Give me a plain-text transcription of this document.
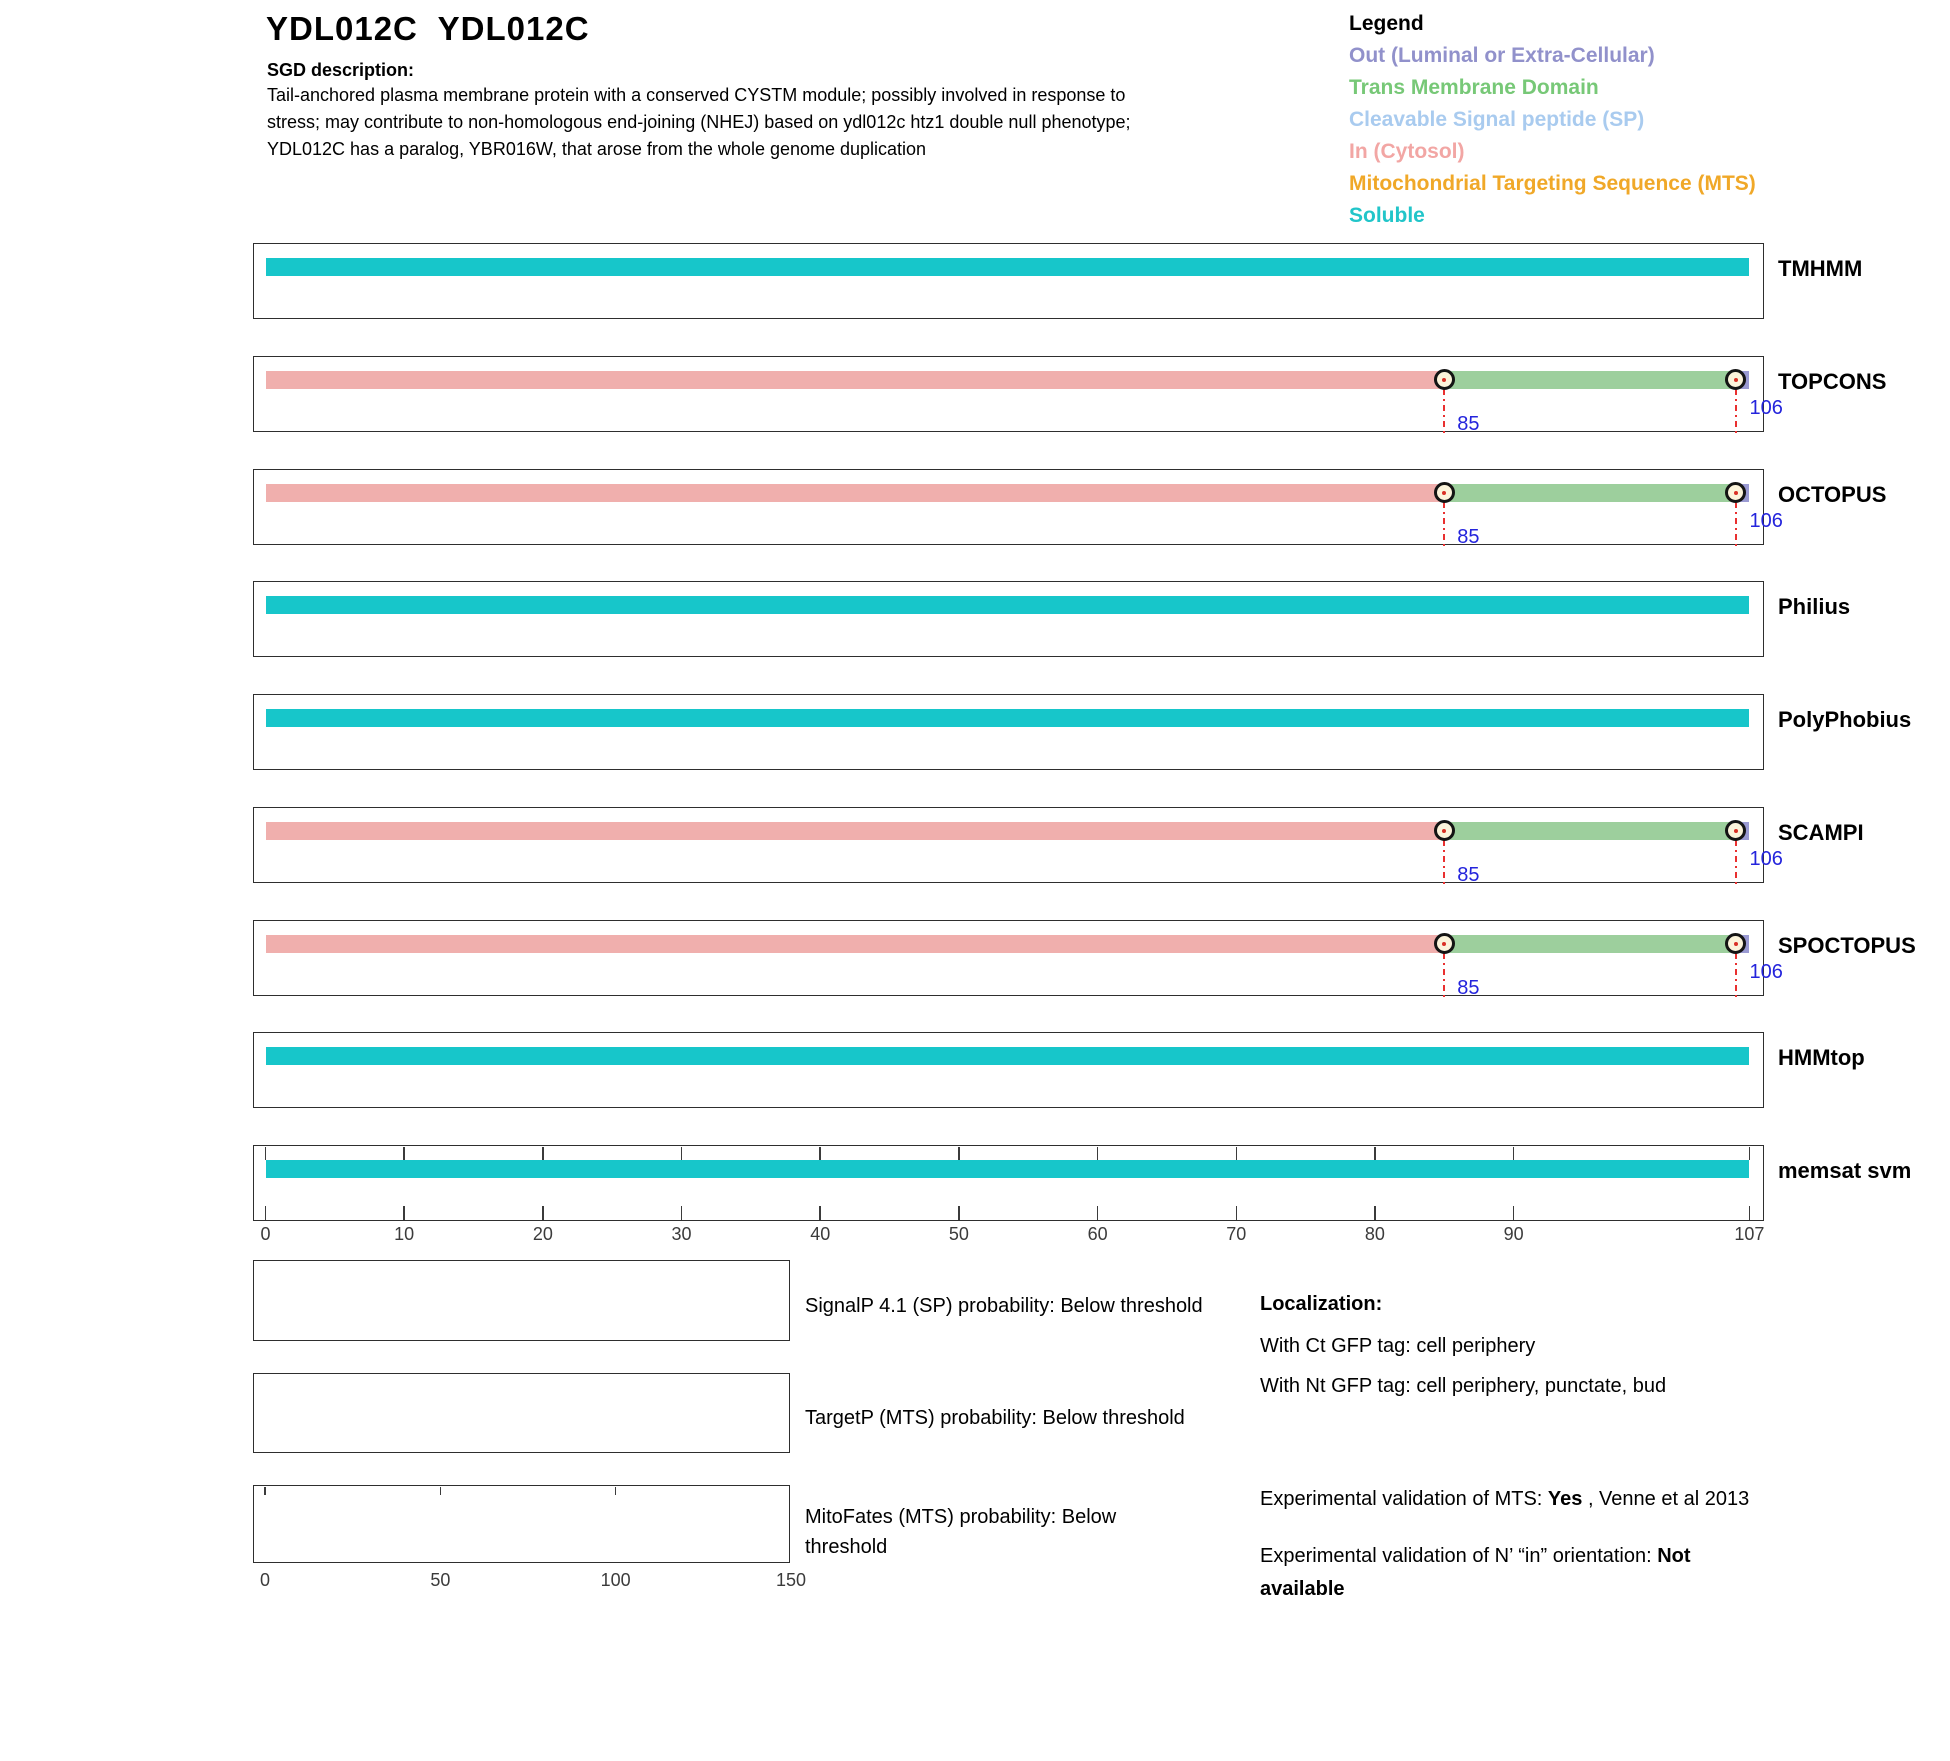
YDL012C  YDL012C
SGD description:
Tail-anchored plasma membrane protein with a conserved CYSTM module; possibly involved in response to
stress; may contribute to non-homologous end-joining (NHEJ) based on ydl012c htz1 double null phenotype;
YDL012C has a paralog, YBR016W, that arose from the whole genome duplication
Legend
Out (Luminal or Extra-Cellular)
Trans Membrane Domain
Cleavable Signal peptide (SP)
In (Cytosol)
Mitochondrial Targeting Sequence (MTS)
Soluble
TMHMM
85
106
TOPCONS
85
106
OCTOPUS
Philius
PolyPhobius
85
106
SCAMPI
85
106
SPOCTOPUS
HMMtop
memsat svm
0	10	20	30	40	50	60	70	80	90	107
SignalP 4.1 (SP) probability: Below threshold
TargetP (MTS) probability: Below threshold
0	50	100	150
MitoFates (MTS) probability: Below threshold
Localization:
With Ct GFP tag: cell periphery
With Nt GFP tag: cell periphery, punctate, bud
Experimental validation of MTS: Yes , Venne et al 2013
Experimental validation of N’ “in” orientation: Not available
